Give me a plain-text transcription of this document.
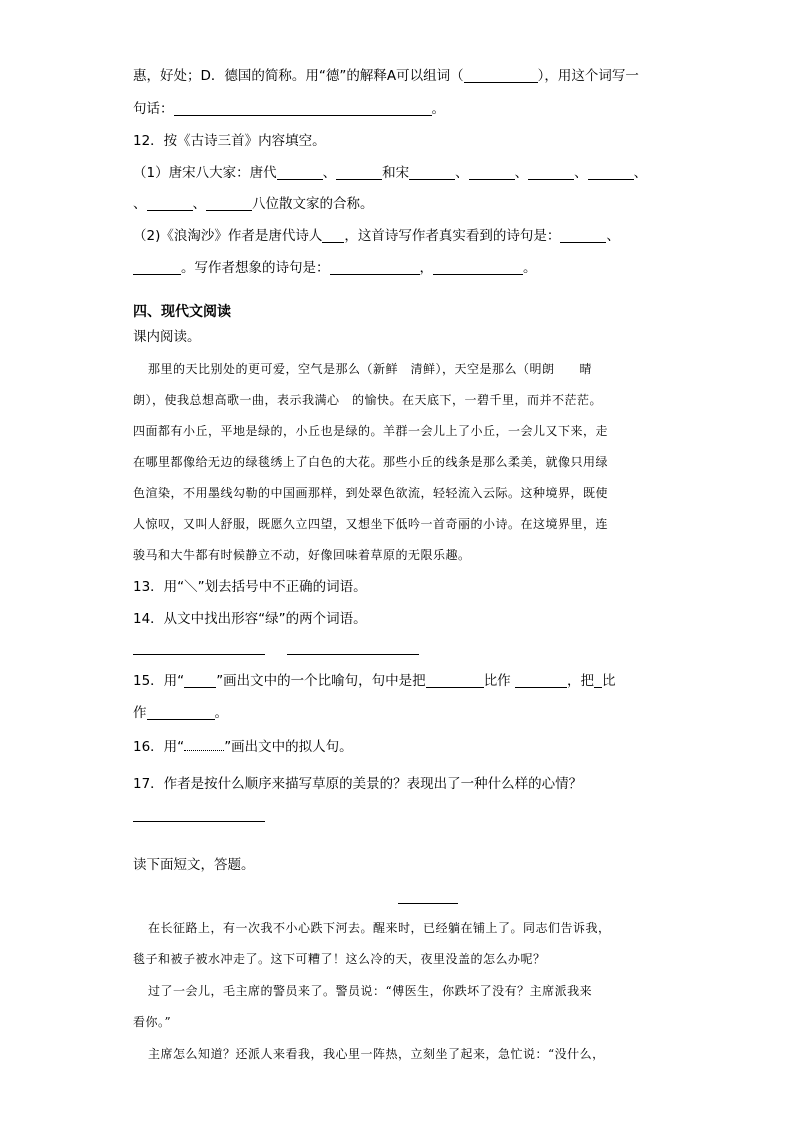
惠，好处；D．德国的简称。用“德”的解释A可以组词（	），用这个词写一
句话：	。
12．按《古诗三首》内容填空。
（1）唐宋八大家：唐代	、	和宋	、	、	、	、
、	、	八位散文家的合称。
（2)《浪淘沙》作者是唐代诗人 ，这首诗写作者真实看到的诗句是：	、
。写作者想象的诗句是：	，	。
四、现代文阅读
课内阅读。
那里的天比别处的更可爱，空气是那么（新鲜　清鲜），天空是那么（明朗　　晴
朗），使我总想高歌一曲，表示我满心　的愉快。在天底下，一碧千里，而并不茫茫。
四面都有小丘，平地是绿的，小丘也是绿的。羊群一会儿上了小丘，一会儿又下来，走
在哪里都像给无边的绿毯绣上了白色的大花。那些小丘的线条是那么柔美，就像只用绿
色渲染，不用墨线勾勒的中国画那样，到处翠色欲流，轻轻流入云际。这种境界，既使
人惊叹，又叫人舒服，既愿久立四望，又想坐下低吟一首奇丽的小诗。在这境界里，连
骏马和大牛都有时候静立不动，好像回味着草原的无限乐趣。
13．用“＼”划去括号中不正确的词语。
14．从文中找出形容“绿”的两个词语。
15．用“ ”画出文中的一个比喻句，句中是把	比作	，把 比
作	。
16．用“	”画出文中的拟人句。
17．作者是按什么顺序来描写草原的美景的？表现出了一种什么样的心情？
读下面短文，答题。
在长征路上，有一次我不小心跌下河去。醒来时，已经躺在铺上了。同志们告诉我，
毯子和被子被水冲走了。这下可糟了！这么冷的天，夜里没盖的怎么办呢？
过了一会儿，毛主席的警员来了。警员说：“傅医生，你跌坏了没有？主席派我来
看你。”
主席怎么知道？还派人来看我，我心里一阵热，立刻坐了起来，急忙说：“没什么，
